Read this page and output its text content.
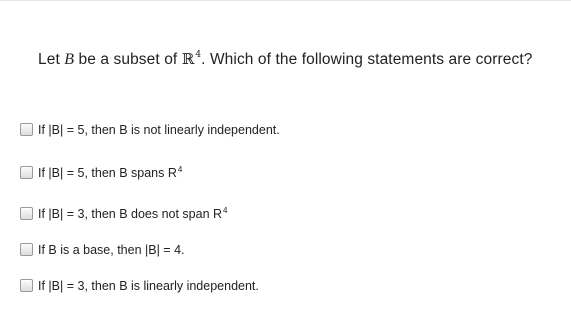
Let B be a subset of ℝ$^4$. Which of the following statements are correct?
If |B| = 5, then B is not linearly independent.
If |B| = 5, then B spans $R^4$
If |B| = 3, then B does not span $R^4$
If B is a base, then |B| = 4.
If |B| = 3, then B is linearly independent.
